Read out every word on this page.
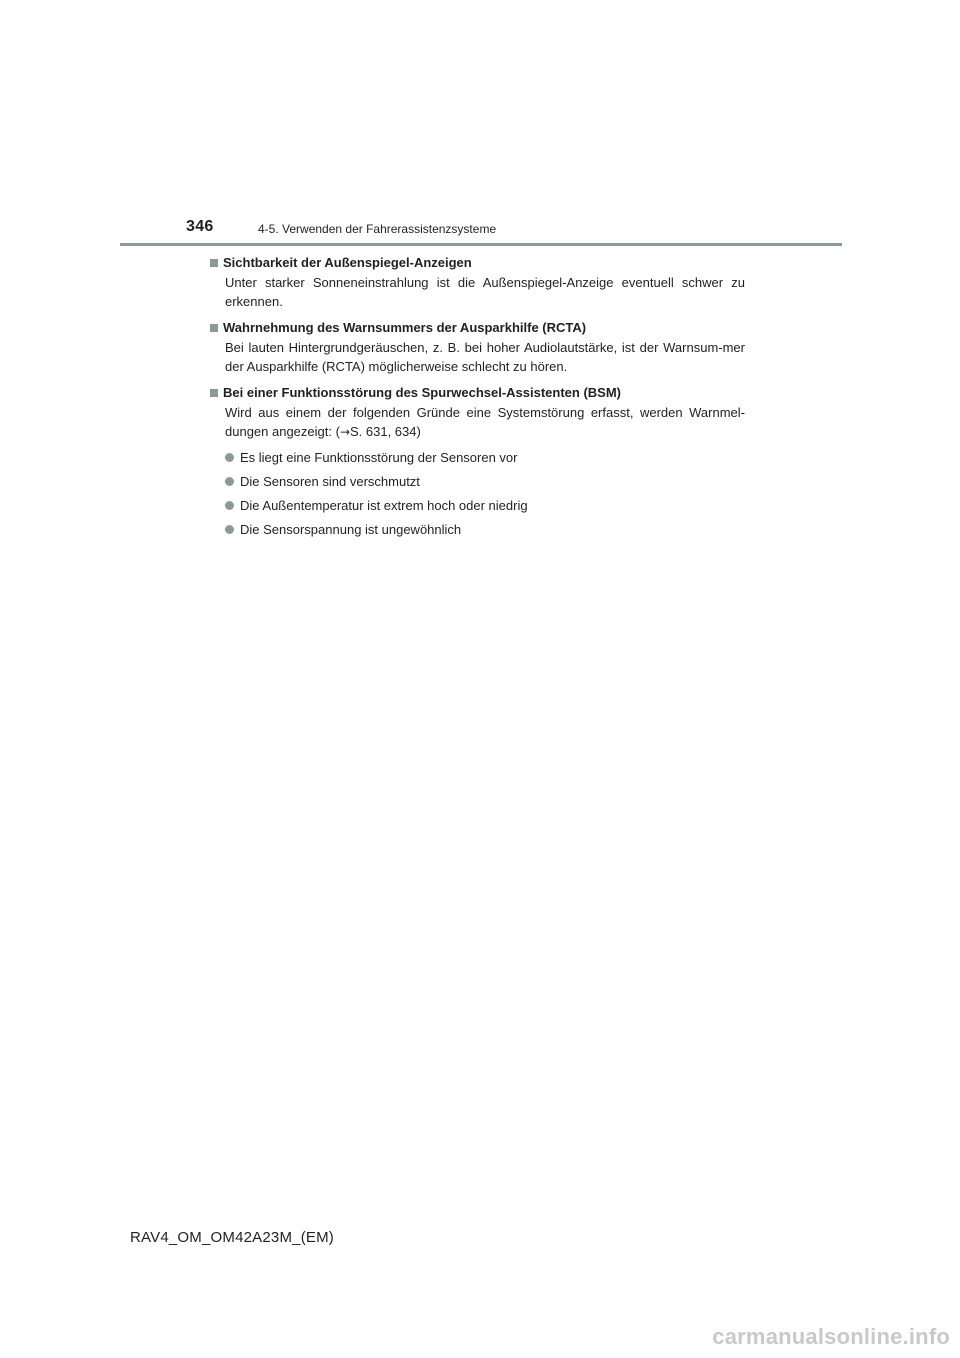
346	4-5. Verwenden der Fahrerassistenzsysteme
Sichtbarkeit der Außenspiegel-Anzeigen
Unter starker Sonneneinstrahlung ist die Außenspiegel-Anzeige eventuell schwer zu erkennen.
Wahrnehmung des Warnsummers der Ausparkhilfe (RCTA)
Bei lauten Hintergrundgeräuschen, z. B. bei hoher Audiolautstärke, ist der Warnsum-mer der Ausparkhilfe (RCTA) möglicherweise schlecht zu hören.
Bei einer Funktionsstörung des Spurwechsel-Assistenten (BSM)
Wird aus einem der folgenden Gründe eine Systemstörung erfasst, werden Warnmel-dungen angezeigt: (→S. 631, 634)
Es liegt eine Funktionsstörung der Sensoren vor
Die Sensoren sind verschmutzt
Die Außentemperatur ist extrem hoch oder niedrig
Die Sensorspannung ist ungewöhnlich
RAV4_OM_OM42A23M_(EM)
carmanualsonline.info
